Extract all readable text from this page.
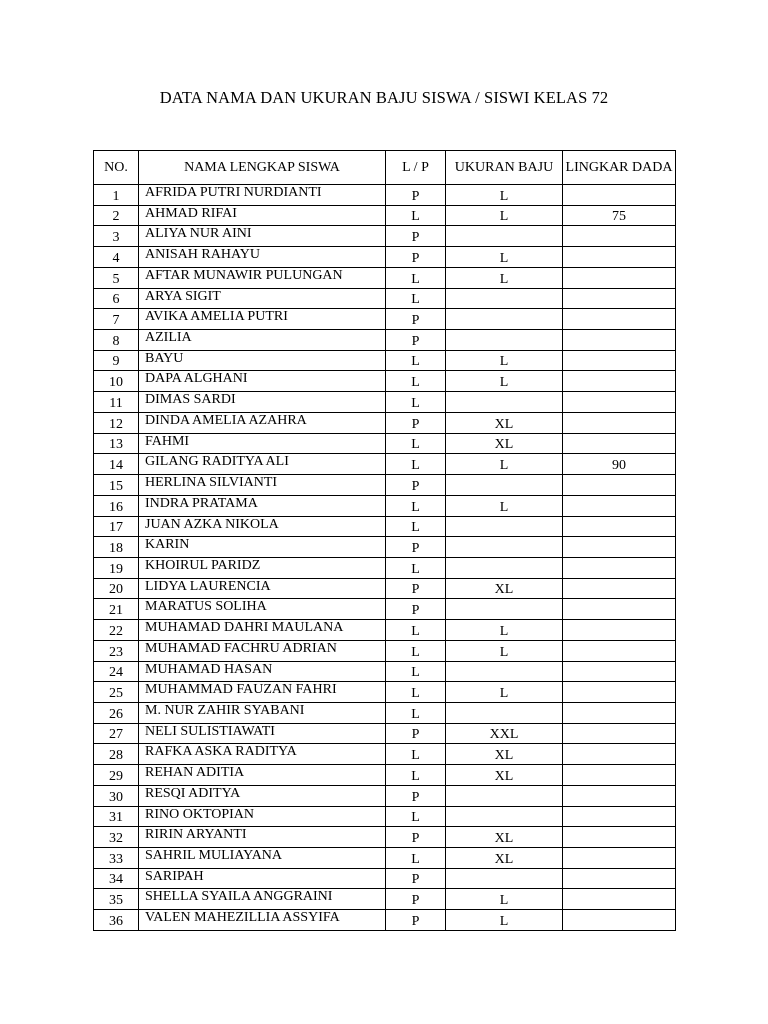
DATA NAMA DAN UKURAN BAJU SISWA / SISWI KELAS 72
NO.	NAMA LENGKAP SISWA	L / P	UKURAN BAJU	LINGKAR DADA
1	AFRIDA PUTRI NURDIANTI	P	L	
2	AHMAD RIFAI	L	L	75
3	ALIYA NUR AINI	P		
4	ANISAH RAHAYU	P	L	
5	AFTAR MUNAWIR PULUNGAN	L	L	
6	ARYA SIGIT	L		
7	AVIKA AMELIA PUTRI	P		
8	AZILIA	P		
9	BAYU	L	L	
10	DAPA ALGHANI	L	L	
11	DIMAS SARDI	L		
12	DINDA AMELIA AZAHRA	P	XL	
13	FAHMI	L	XL	
14	GILANG RADITYA ALI	L	L	90
15	HERLINA SILVIANTI	P		
16	INDRA PRATAMA	L	L	
17	JUAN AZKA NIKOLA	L		
18	KARIN	P		
19	KHOIRUL PARIDZ	L		
20	LIDYA LAURENCIA	P	XL	
21	MARATUS SOLIHA	P		
22	MUHAMAD DAHRI MAULANA	L	L	
23	MUHAMAD FACHRU ADRIAN	L	L	
24	MUHAMAD HASAN	L		
25	MUHAMMAD FAUZAN FAHRI	L	L	
26	M. NUR ZAHIR SYABANI	L		
27	NELI SULISTIAWATI	P	XXL	
28	RAFKA ASKA RADITYA	L	XL	
29	REHAN ADITIA	L	XL	
30	RESQI ADITYA	P		
31	RINO OKTOPIAN	L		
32	RIRIN ARYANTI	P	XL	
33	SAHRIL MULIAYANA	L	XL	
34	SARIPAH	P		
35	SHELLA SYAILA ANGGRAINI	P	L	
36	VALEN MAHEZILLIA ASSYIFA	P	L	
